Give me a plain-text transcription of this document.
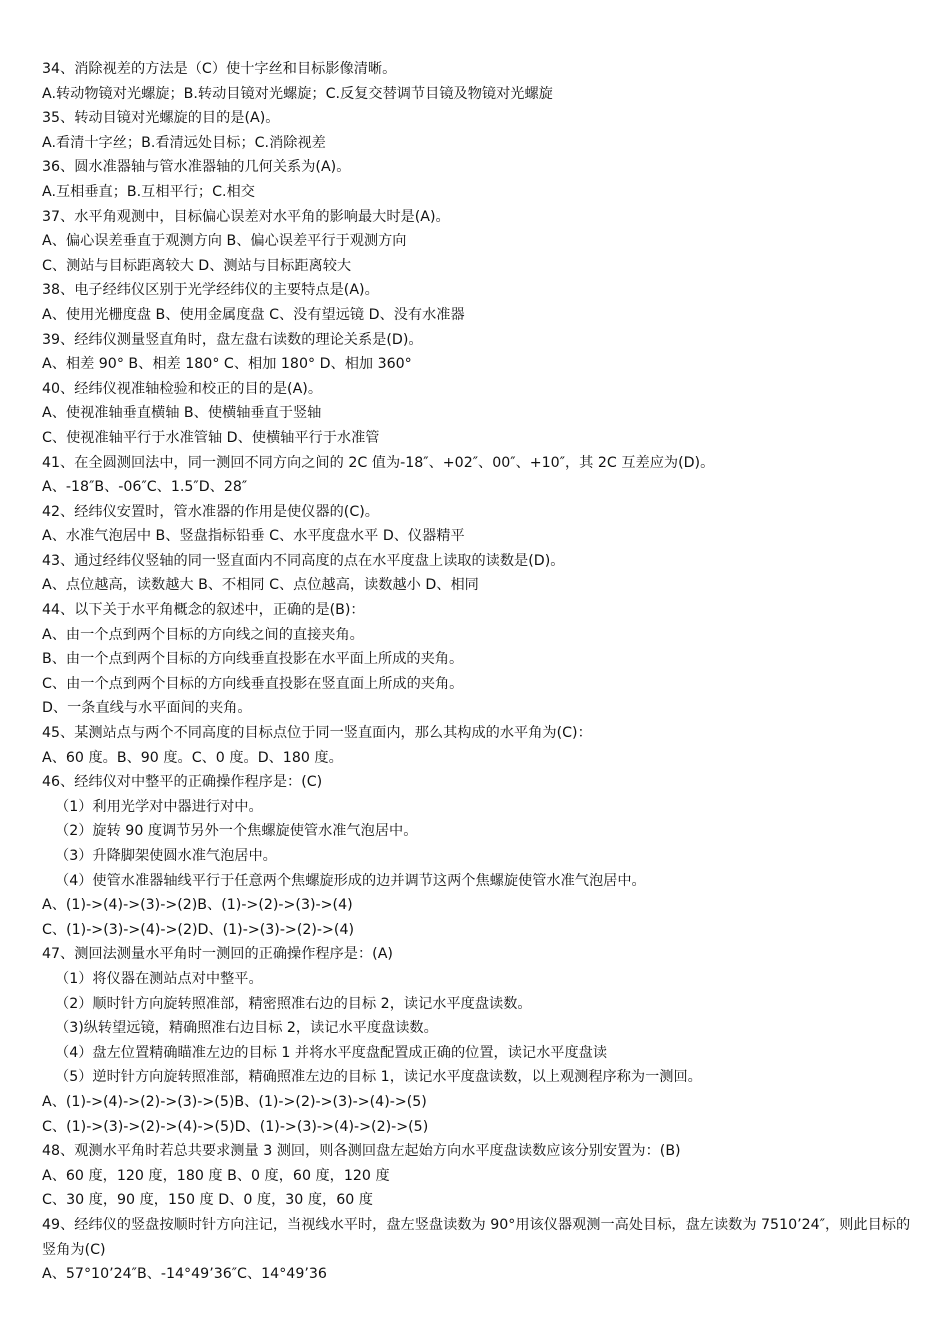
34、消除视差的方法是（C）使十字丝和目标影像清晰。
A.转动物镜对光螺旋；B.转动目镜对光螺旋；C.反复交替调节目镜及物镜对光螺旋
35、转动目镜对光螺旋的目的是(A)。
A.看清十字丝；B.看清远处目标；C.消除视差
36、圆水准器轴与管水准器轴的几何关系为(A)。
A.互相垂直；B.互相平行；C.相交
37、水平角观测中，目标偏心误差对水平角的影响最大时是(A)。
A、偏心误差垂直于观测方向 B、偏心误差平行于观测方向
C、测站与目标距离较大 D、测站与目标距离较大
38、电子经纬仪区别于光学经纬仪的主要特点是(A)。
A、使用光栅度盘 B、使用金属度盘 C、没有望远镜 D、没有水准器
39、经纬仪测量竖直角时，盘左盘右读数的理论关系是(D)。
A、相差 90° B、相差 180° C、相加 180° D、相加 360°
40、经纬仪视准轴检验和校正的目的是(A)。
A、使视准轴垂直横轴 B、使横轴垂直于竖轴
C、使视准轴平行于水准管轴 D、使横轴平行于水准管
41、在全圆测回法中，同一测回不同方向之间的 2C 值为-18″、+02″、00″、+10″，其 2C 互差应为(D)。
A、-18″B、-06″C、1.5″D、28″
42、经纬仪安置时，管水准器的作用是使仪器的(C)。
A、水准气泡居中 B、竖盘指标铅垂 C、水平度盘水平 D、仪器精平
43、通过经纬仪竖轴的同一竖直面内不同高度的点在水平度盘上读取的读数是(D)。
A、点位越高，读数越大 B、不相同 C、点位越高，读数越小 D、相同
44、以下关于水平角概念的叙述中，正确的是(B)：
A、由一个点到两个目标的方向线之间的直接夹角。
B、由一个点到两个目标的方向线垂直投影在水平面上所成的夹角。
C、由一个点到两个目标的方向线垂直投影在竖直面上所成的夹角。
D、一条直线与水平面间的夹角。
45、某测站点与两个不同高度的目标点位于同一竖直面内，那么其构成的水平角为(C)：
A、60 度。B、90 度。C、0 度。D、180 度。
46、经纬仪对中整平的正确操作程序是：(C)
（1）利用光学对中器进行对中。
（2）旋转 90 度调节另外一个焦螺旋使管水准气泡居中。
（3）升降脚架使圆水准气泡居中。
（4）使管水准器轴线平行于任意两个焦螺旋形成的边并调节这两个焦螺旋使管水准气泡居中。
A、(1)->(4)->(3)->(2)B、(1)->(2)->(3)->(4)
C、(1)->(3)->(4)->(2)D、(1)->(3)->(2)->(4)
47、测回法测量水平角时一测回的正确操作程序是：(A)
（1）将仪器在测站点对中整平。
（2）顺时针方向旋转照准部，精密照准右边的目标 2，读记水平度盘读数。
（3)纵转望远镜，精确照准右边目标 2，读记水平度盘读数。
（4）盘左位置精确瞄准左边的目标 1 并将水平度盘配置成正确的位置，读记水平度盘读
（5）逆时针方向旋转照准部，精确照准左边的目标 1，读记水平度盘读数，以上观测程序称为一测回。
A、(1)->(4)->(2)->(3)->(5)B、(1)->(2)->(3)->(4)->(5)
C、(1)->(3)->(2)->(4)->(5)D、(1)->(3)->(4)->(2)->(5)
48、观测水平角时若总共要求测量 3 测回，则各测回盘左起始方向水平度盘读数应该分别安置为：(B)
A、60 度，120 度，180 度 B、0 度，60 度，120 度
C、30 度，90 度，150 度 D、0 度，30 度，60 度
49、经纬仪的竖盘按顺时针方向注记，当视线水平时，盘左竖盘读数为 90°用该仪器观测一高处目标，盘左读数为 7510’24″，则此目标的竖角为(C)
A、57°10’24″B、-14°49’36″C、14°49’36
